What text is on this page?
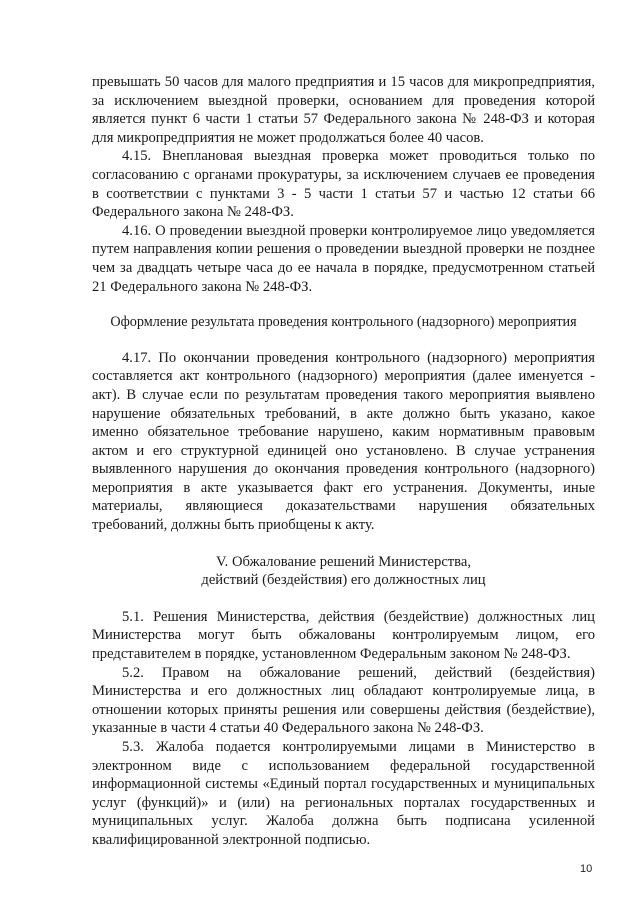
превышать 50 часов для малого предприятия и 15 часов для микропредприятия, за исключением выездной проверки, основанием для проведения которой является пункт 6 части 1 статьи 57 Федерального закона № 248-ФЗ и которая для микропредприятия не может продолжаться более 40 часов.

4.15. Внеплановая выездная проверка может проводиться только по согласованию с органами прокуратуры, за исключением случаев ее проведения в соответствии с пунктами 3 - 5 части 1 статьи 57 и частью 12 статьи 66 Федерального закона № 248-ФЗ.

4.16. О проведении выездной проверки контролируемое лицо уведомляется путем направления копии решения о проведении выездной проверки не позднее чем за двадцать четыре часа до ее начала в порядке, предусмотренном статьей 21 Федерального закона № 248-ФЗ.

Оформление результата проведения контрольного (надзорного) мероприятия

4.17. По окончании проведения контрольного (надзорного) мероприятия составляется акт контрольного (надзорного) мероприятия (далее именуется - акт). В случае если по результатам проведения такого мероприятия выявлено нарушение обязательных требований, в акте должно быть указано, какое именно обязательное требование нарушено, каким нормативным правовым актом и его структурной единицей оно установлено. В случае устранения выявленного нарушения до окончания проведения контрольного (надзорного) мероприятия в акте указывается факт его устранения. Документы, иные материалы, являющиеся доказательствами нарушения обязательных требований, должны быть приобщены к акту.

V. Обжалование решений Министерства,

действий (бездействия) его должностных лиц

5.1. Решения Министерства, действия (бездействие) должностных лиц Министерства могут быть обжалованы контролируемым лицом, его представителем в порядке, установленном Федеральным законом № 248-ФЗ.

5.2. Правом на обжалование решений, действий (бездействия) Министерства и его должностных лиц обладают контролируемые лица, в отношении которых приняты решения или совершены действия (бездействие), указанные в части 4 статьи 40 Федерального закона № 248-ФЗ.

5.3. Жалоба подается контролируемыми лицами в Министерство в электронном виде с использованием федеральной государственной информационной системы «Единый портал государственных и муниципальных услуг (функций)» и (или) на региональных порталах государственных и муниципальных услуг. Жалоба должна быть подписана усиленной квалифицированной электронной подписью.

10
